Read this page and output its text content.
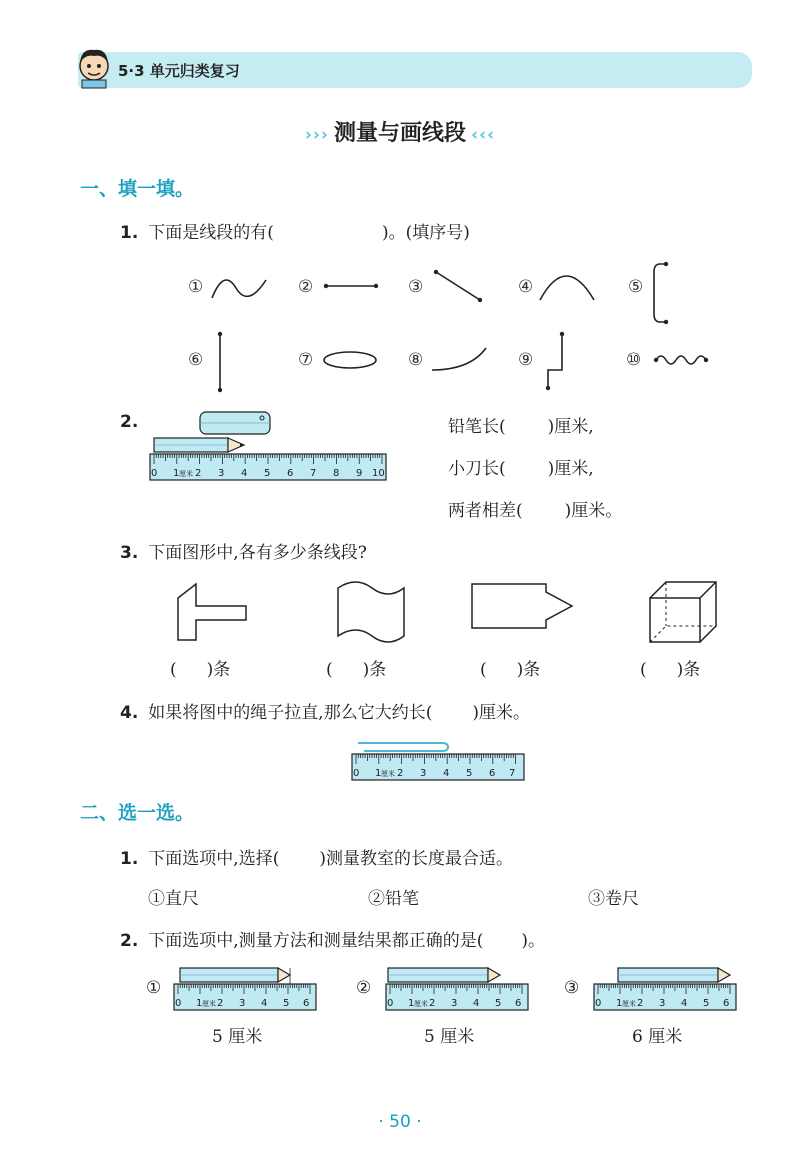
5·3 单元归类复习
››› 测量与画线段 ‹‹‹
一、填一填。
1. 下面是线段的有(	)。(填序号)
①	②	③	④	⑤
⑥	⑦	⑧	⑨	⑩
2.
0 1 厘米 2 3 4 5 6 7 8 9 10
铅笔长( )厘米,
小刀长( )厘米,
两者相差( )厘米。
3. 下面图形中,各有多少条线段?
( )条	( )条	( )条	( )条
4. 如果将图中的绳子拉直,那么它大约长( )厘米。
0 1 厘米 2 3 4 5 6 7
二、选一选。
1. 下面选项中,选择( )测量教室的长度最合适。
①直尺	②铅笔	③卷尺
2. 下面选项中,测量方法和测量结果都正确的是( )。
①	②	③
0 1 厘米 2 3 4 5 6	0 1 厘米 2 3 4 5 6	0 1 厘米 2 3 4 5 6
5 厘米	5 厘米	6 厘米
· 50 ·
